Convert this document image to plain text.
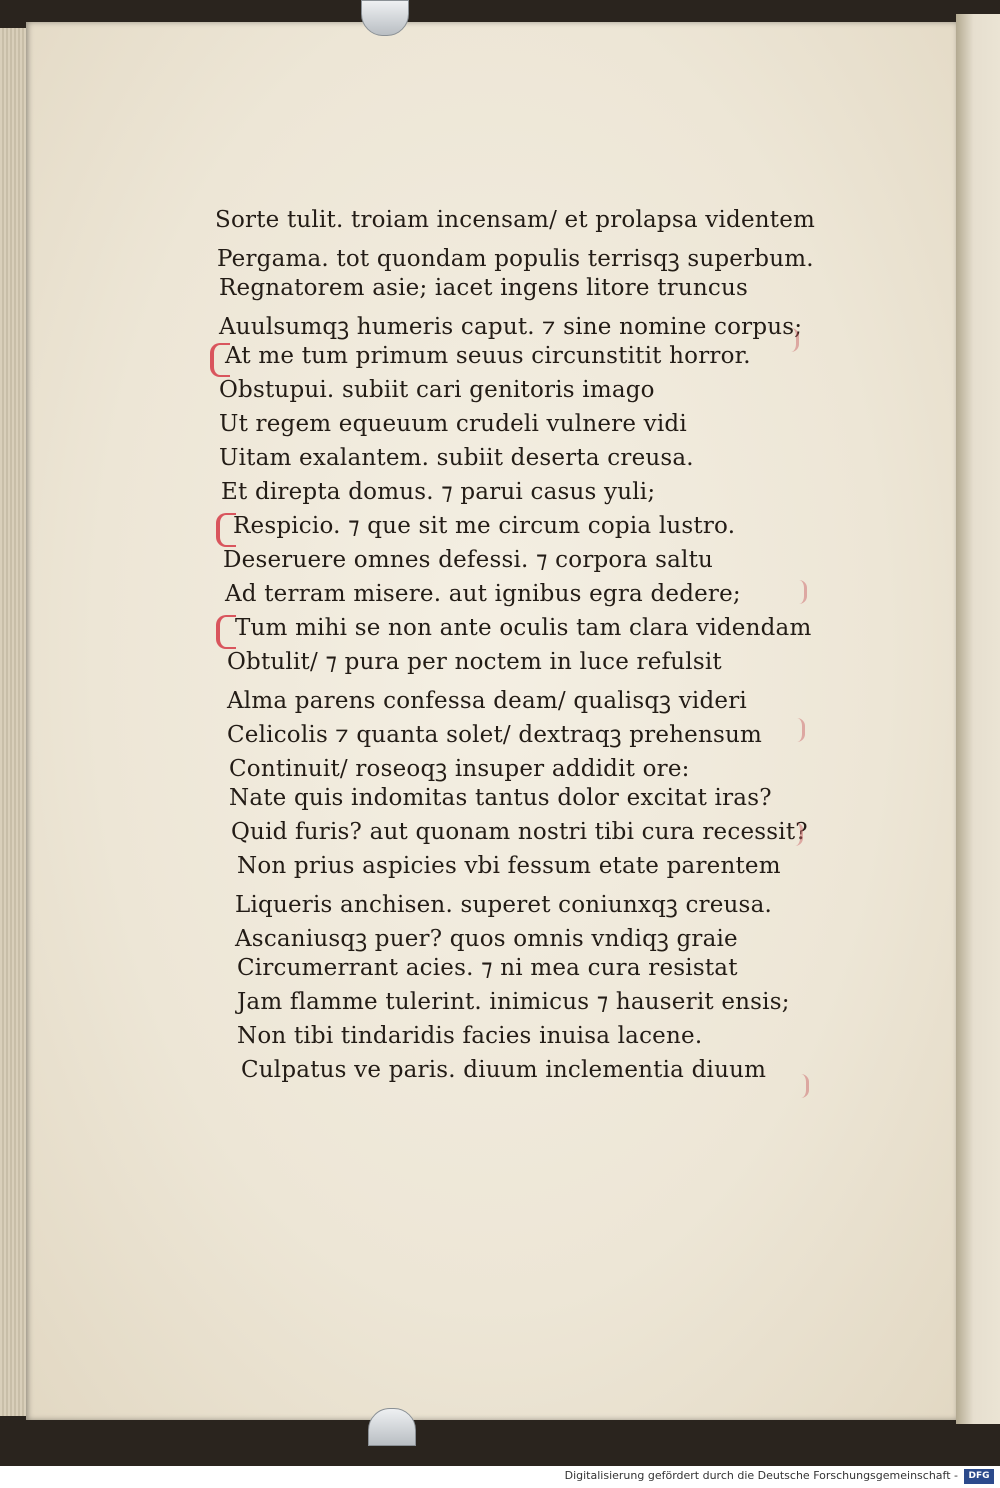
Sorte tulit. troiam incensam/ et prolapsa videntem
Pergama. tot quondam populis terrisqꝫ superbum.
Regnatorem asie; iacet ingens litore truncus
Auulsumqꝫ humeris caput. ⁊ sine nomine corpus;
At me tum primum seuus circunstitit horror.
Obstupui. subiit cari genitoris imago
Ut regem equeuum crudeli vulnere vidi
Uitam exalantem. subiit deserta creusa.
Et direpta domus. ⁊ parui casus yuli;
Respicio. ⁊ que sit me circum copia lustro.
Deseruere omnes defessi. ⁊ corpora saltu
Ad terram misere. aut ignibus egra dedere;
Tum mihi se non ante oculis tam clara videndam
Obtulit/ ⁊ pura per noctem in luce refulsit
Alma parens confessa deam/ qualisqꝫ videri
Celicolis ⁊ quanta solet/ dextraqꝫ prehensum
Continuit/ roseoqꝫ insuper addidit ore:
Nate quis indomitas tantus dolor excitat iras?
Quid furis? aut quonam nostri tibi cura recessit?
Non prius aspicies vbi fessum etate parentem
Liqueris anchisen. superet coniunxqꝫ creusa.
Ascaniusqꝫ puer? quos omnis vndiqꝫ graie
Circumerrant acies. ⁊ ni mea cura resistat
Jam flamme tulerint. inimicus ⁊ hauserit ensis;
Non tibi tindaridis facies inuisa lacene.
Culpatus ve paris. diuum inclementia diuum
Digitalisierung gefördert durch die Deutsche Forschungsgemeinschaft -	DFG
